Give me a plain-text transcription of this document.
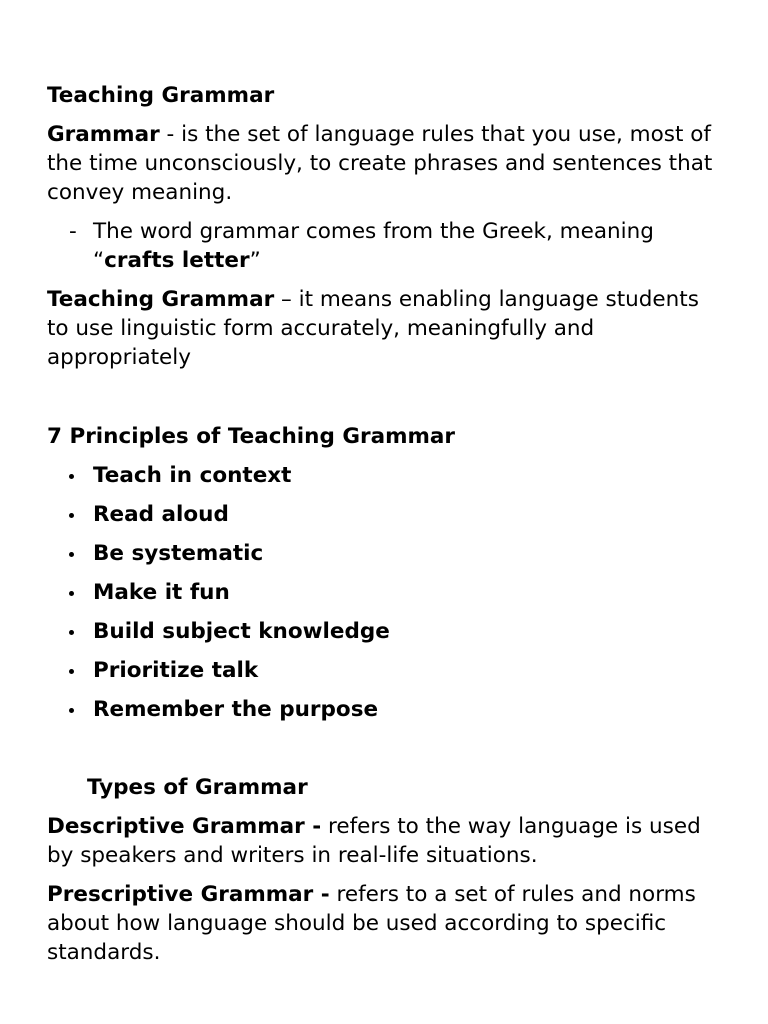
Teaching Grammar

Grammar - is the set of language rules that you use, most of the time unconsciously, to create phrases and sentences that convey meaning.

- The word grammar comes from the Greek, meaning “crafts letter”

Teaching Grammar – it means enabling language students to use linguistic form accurately, meaningfully and appropriately

7 Principles of Teaching Grammar

Teach in context
Read aloud
Be systematic
Make it fun
Build subject knowledge
Prioritize talk
Remember the purpose

Types of Grammar

Descriptive Grammar - refers to the way language is used by speakers and writers in real-life situations.

Prescriptive Grammar - refers to a set of rules and norms about how language should be used according to specific standards.
